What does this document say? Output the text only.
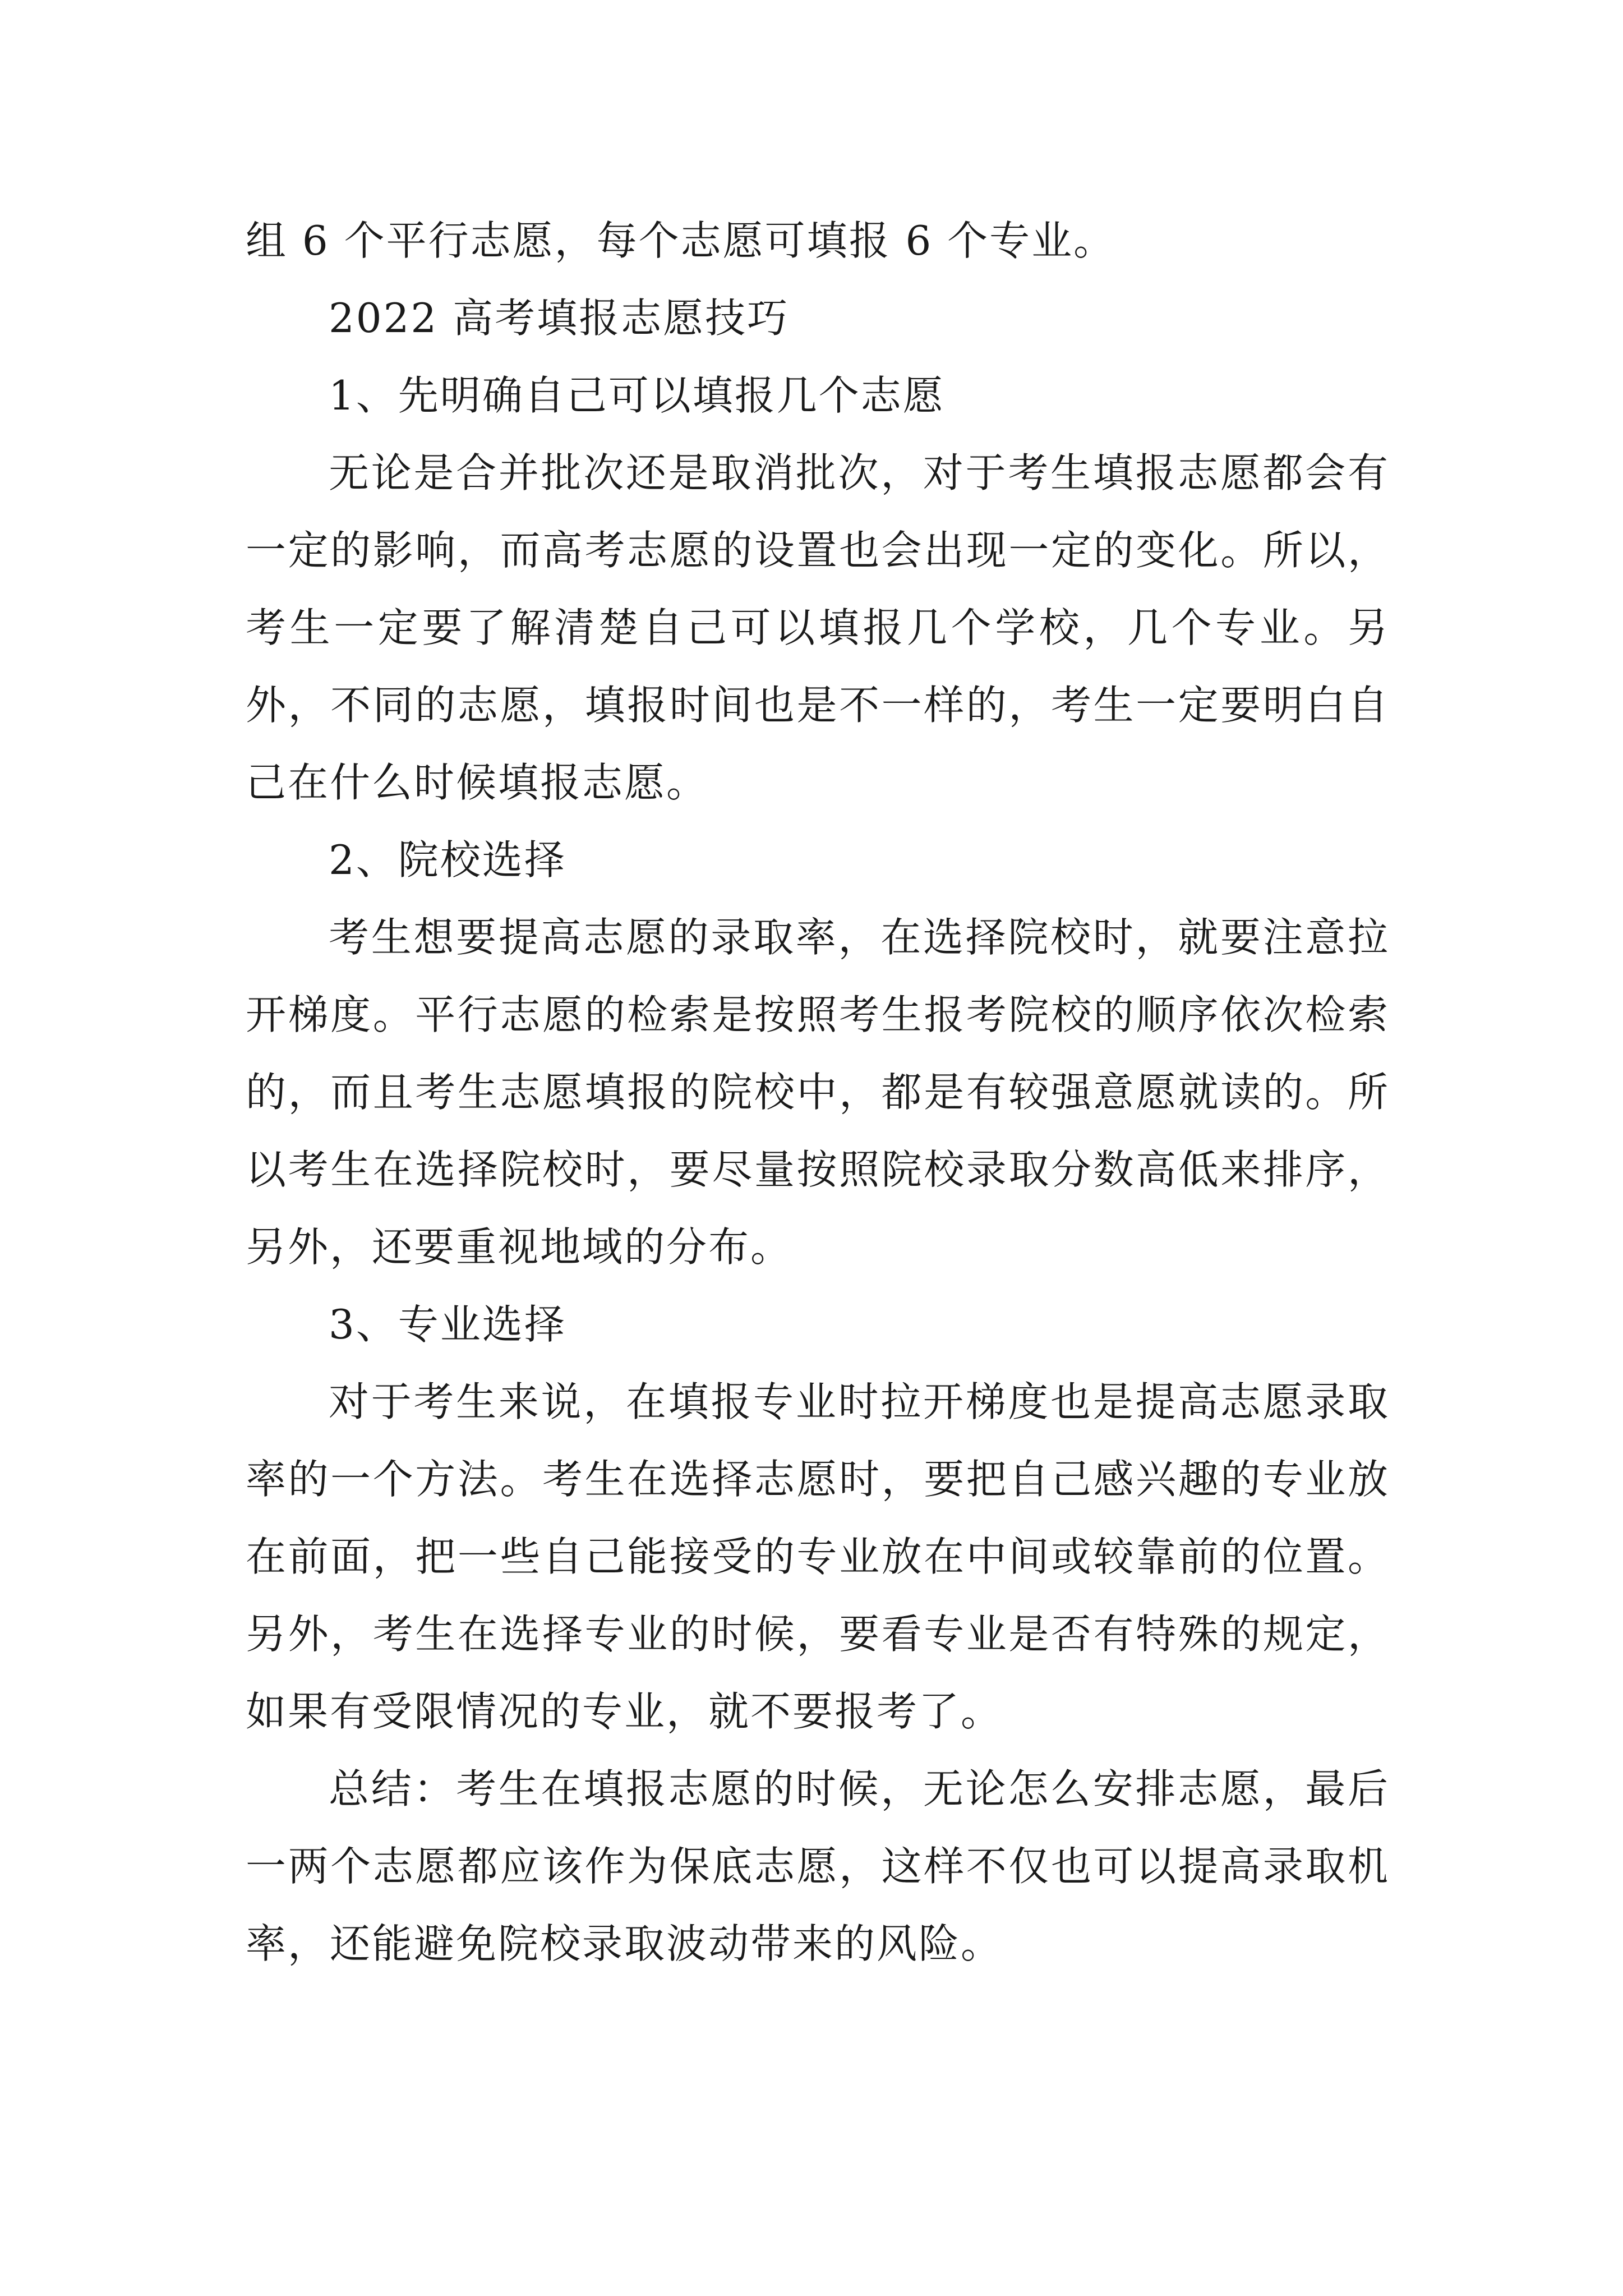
组 6 个平行志愿，每个志愿可填报 6 个专业。

2022 高考填报志愿技巧

1、先明确自己可以填报几个志愿

无论是合并批次还是取消批次，对于考生填报志愿都会有一定的影响，而高考志愿的设置也会出现一定的变化。所以，考生一定要了解清楚自己可以填报几个学校，几个专业。另外，不同的志愿，填报时间也是不一样的，考生一定要明白自己在什么时候填报志愿。

2、院校选择

考生想要提高志愿的录取率，在选择院校时，就要注意拉开梯度。平行志愿的检索是按照考生报考院校的顺序依次检索的，而且考生志愿填报的院校中，都是有较强意愿就读的。所以考生在选择院校时，要尽量按照院校录取分数高低来排序，另外，还要重视地域的分布。

3、专业选择

对于考生来说，在填报专业时拉开梯度也是提高志愿录取率的一个方法。考生在选择志愿时，要把自己感兴趣的专业放在前面，把一些自己能接受的专业放在中间或较靠前的位置。另外，考生在选择专业的时候，要看专业是否有特殊的规定，如果有受限情况的专业，就不要报考了。

总结：考生在填报志愿的时候，无论怎么安排志愿，最后一两个志愿都应该作为保底志愿，这样不仅也可以提高录取机率，还能避免院校录取波动带来的风险。
